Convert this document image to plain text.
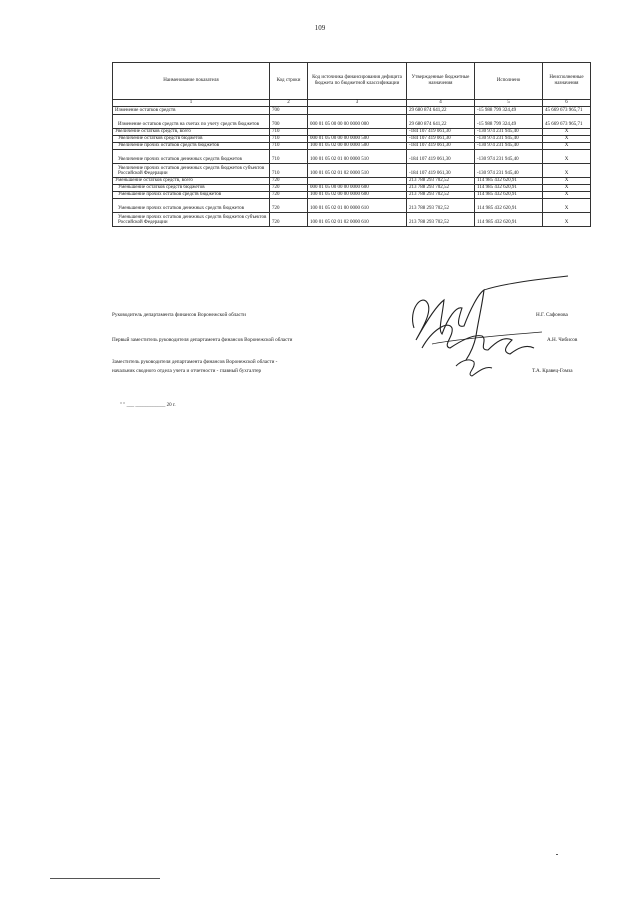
109
Наименование показателя	Код строки	Код источника финансирования дефицита бюджета по бюджетной классификации	Утвержденные бюджетные назначения	Исполнено	Неисполненные назначения
1	2	3	4	5	6
Изменение остатков средств	700		29 680 874 641,22	-15 988 799 324,49	45 669 673 965,71
Изменение остатков средств на счетах по учету средств бюджетов	700	000 01 05 00 00 00 0000 000	29 680 874 641,22	-15 988 799 324,49	45 669 673 965,71
Увеличение остатков средств, всего	710		-184 107 419 061,30	-130 974 231 945,40	X
Увеличение остатков средств бюджетов	710	000 01 05 00 00 00 0000 500	-184 107 419 061,30	-130 974 231 945,40	X
Увеличение прочих остатков средств бюджетов	710	100 01 05 02 00 00 0000 500	-184 107 419 061,30	-130 974 231 945,40	X
Увеличение прочих остатков денежных средств бюджетов	710	100 01 05 02 01 00 0000 510	-184 107 419 061,30	-130 974 231 945,40	X
Увеличение прочих остатков денежных средств бюджетов субъектов Российской Федерации	710	100 01 05 02 01 02 0000 510	-184 107 419 061,30	-130 974 231 945,40	X
Уменьшение остатков средств, всего	720		213 788 293 702,52	114 985 432 620,91	X
Уменьшение остатков средств бюджетов	720	000 01 05 00 00 00 0000 600	213 788 293 702,52	114 985 432 620,91	X
Уменьшение прочих остатков средств бюджетов	720	100 01 05 02 00 00 0000 600	213 788 293 702,52	114 985 432 620,91	X
Уменьшение прочих остатков денежных средств бюджетов	720	100 01 05 02 01 00 0000 610	213 788 293 702,52	114 985 432 620,91	X
Уменьшение прочих остатков денежных средств бюджетов субъектов Российской Федерации	720	100 01 05 02 01 02 0000 610	213 788 293 702,52	114 985 432 620,91	X
Руководитель департамента финансов Воронежской области	Н.Г. Сафонова
Первый заместитель руководителя департамента финансов Воронежской области	А.Н. Чибисов
Заместитель руководителя департамента финансов Воронежской области -
начальник сводного отдела учета и отчетности - главный бухгалтер	Т.А. Кравец-Гомза
" " ___ ____________ 20 г.
